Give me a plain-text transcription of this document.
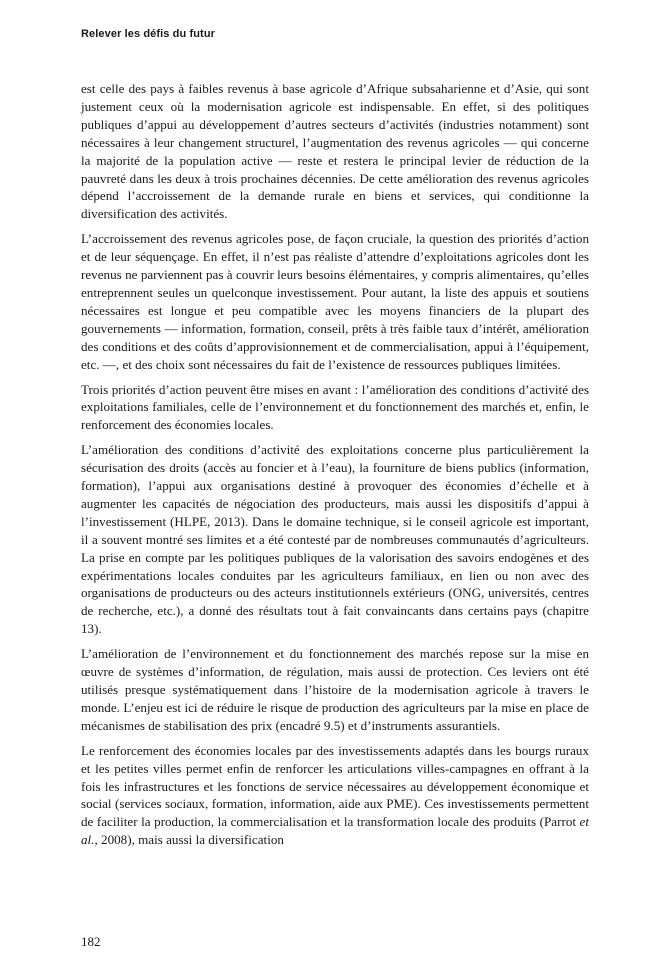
Relever les défis du futur

est celle des pays à faibles revenus à base agricole d’Afrique subsaharienne et d’Asie, qui sont justement ceux où la modernisation agricole est indispensable. En effet, si des politiques publiques d’appui au développement d’autres secteurs d’activités (industries notamment) sont nécessaires à leur changement structurel, l’augmentation des revenus agricoles — qui concerne la majorité de la population active — reste et restera le principal levier de réduction de la pauvreté dans les deux à trois prochaines décennies. De cette amélioration des revenus agricoles dépend l’accroissement de la demande rurale en biens et services, qui conditionne la diversification des activités.

L’accroissement des revenus agricoles pose, de façon cruciale, la question des priorités d’action et de leur séquençage. En effet, il n’est pas réaliste d’attendre d’exploitations agricoles dont les revenus ne parviennent pas à couvrir leurs besoins élémentaires, y compris alimentaires, qu’elles entreprennent seules un quelconque investissement. Pour autant, la liste des appuis et soutiens nécessaires est longue et peu compatible avec les moyens financiers de la plupart des gouvernements — information, formation, conseil, prêts à très faible taux d’intérêt, amélioration des conditions et des coûts d’approvisionnement et de commercialisation, appui à l’équipement, etc. —, et des choix sont nécessaires du fait de l’existence de ressources publiques limitées.

Trois priorités d’action peuvent être mises en avant : l’amélioration des conditions d’activité des exploitations familiales, celle de l’environnement et du fonctionnement des marchés et, enfin, le renforcement des économies locales.

L’amélioration des conditions d’activité des exploitations concerne plus particulièrement la sécurisation des droits (accès au foncier et à l’eau), la fourniture de biens publics (information, formation), l’appui aux organisations destiné à provoquer des économies d’échelle et à augmenter les capacités de négociation des producteurs, mais aussi les dispositifs d’appui à l’investissement (HLPE, 2013). Dans le domaine technique, si le conseil agricole est important, il a souvent montré ses limites et a été contesté par de nombreuses communautés d’agriculteurs. La prise en compte par les politiques publiques de la valorisation des savoirs endogènes et des expérimentations locales conduites par les agriculteurs familiaux, en lien ou non avec des organisations de producteurs ou des acteurs institutionnels extérieurs (ONG, universités, centres de recherche, etc.), a donné des résultats tout à fait convaincants dans certains pays (chapitre 13).

L’amélioration de l’environnement et du fonctionnement des marchés repose sur la mise en œuvre de systèmes d’information, de régulation, mais aussi de protection. Ces leviers ont été utilisés presque systématiquement dans l’histoire de la modernisation agricole à travers le monde. L’enjeu est ici de réduire le risque de production des agriculteurs par la mise en place de mécanismes de stabilisation des prix (encadré 9.5) et d’instruments assurantiels.

Le renforcement des économies locales par des investissements adaptés dans les bourgs ruraux et les petites villes permet enfin de renforcer les articulations villes-campagnes en offrant à la fois les infrastructures et les fonctions de service nécessaires au développement économique et social (services sociaux, formation, information, aide aux PME). Ces investissements permettent de faciliter la production, la commercialisation et la transformation locale des produits (Parrot et al., 2008), mais aussi la diversification

182
